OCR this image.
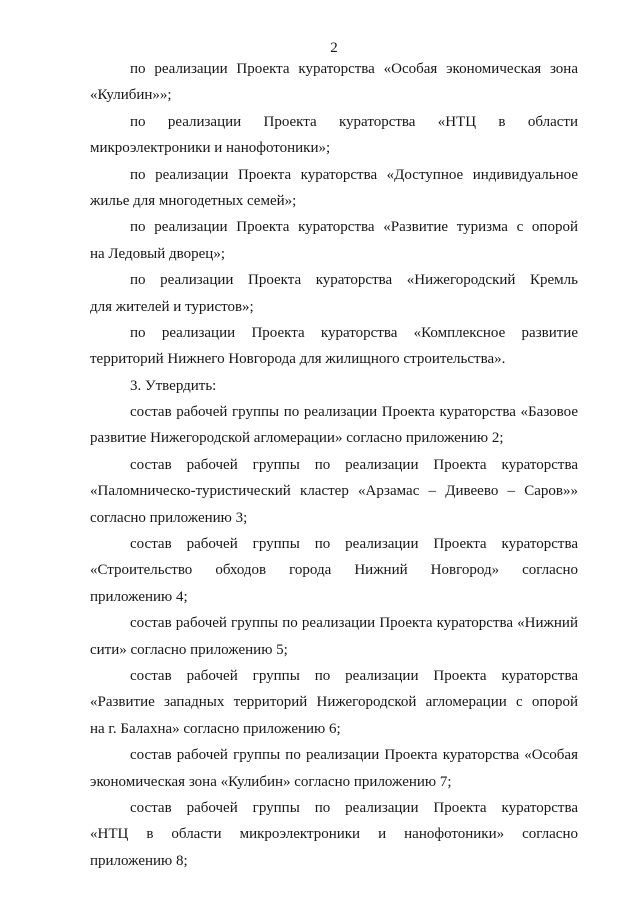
2
по реализации Проекта кураторства «Особая экономическая зона
«Кулибин»»;
по реализации Проекта кураторства «НТЦ в области
микроэлектроники и нанофотоники»;
по реализации Проекта кураторства «Доступное индивидуальное
жилье для многодетных семей»;
по реализации Проекта кураторства «Развитие туризма с опорой
на Ледовый дворец»;
по реализации Проекта кураторства «Нижегородский Кремль
для жителей и туристов»;
по реализации Проекта кураторства «Комплексное развитие
территорий Нижнего Новгорода для жилищного строительства».
3. Утвердить:
состав рабочей группы по реализации Проекта кураторства «Базовое
развитие Нижегородской агломерации» согласно приложению 2;
состав рабочей группы по реализации Проекта кураторства
«Паломническо-туристический кластер «Арзамас – Дивеево – Саров»»
согласно приложению 3;
состав рабочей группы по реализации Проекта кураторства
«Строительство обходов города Нижний Новгород» согласно
приложению 4;
состав рабочей группы по реализации Проекта кураторства «Нижний
сити» согласно приложению 5;
состав рабочей группы по реализации Проекта кураторства
«Развитие западных территорий Нижегородской агломерации с опорой
на г. Балахна» согласно приложению 6;
состав рабочей группы по реализации Проекта кураторства «Особая
экономическая зона «Кулибин» согласно приложению 7;
состав рабочей группы по реализации Проекта кураторства
«НТЦ в области микроэлектроники и нанофотоники» согласно
приложению 8;
